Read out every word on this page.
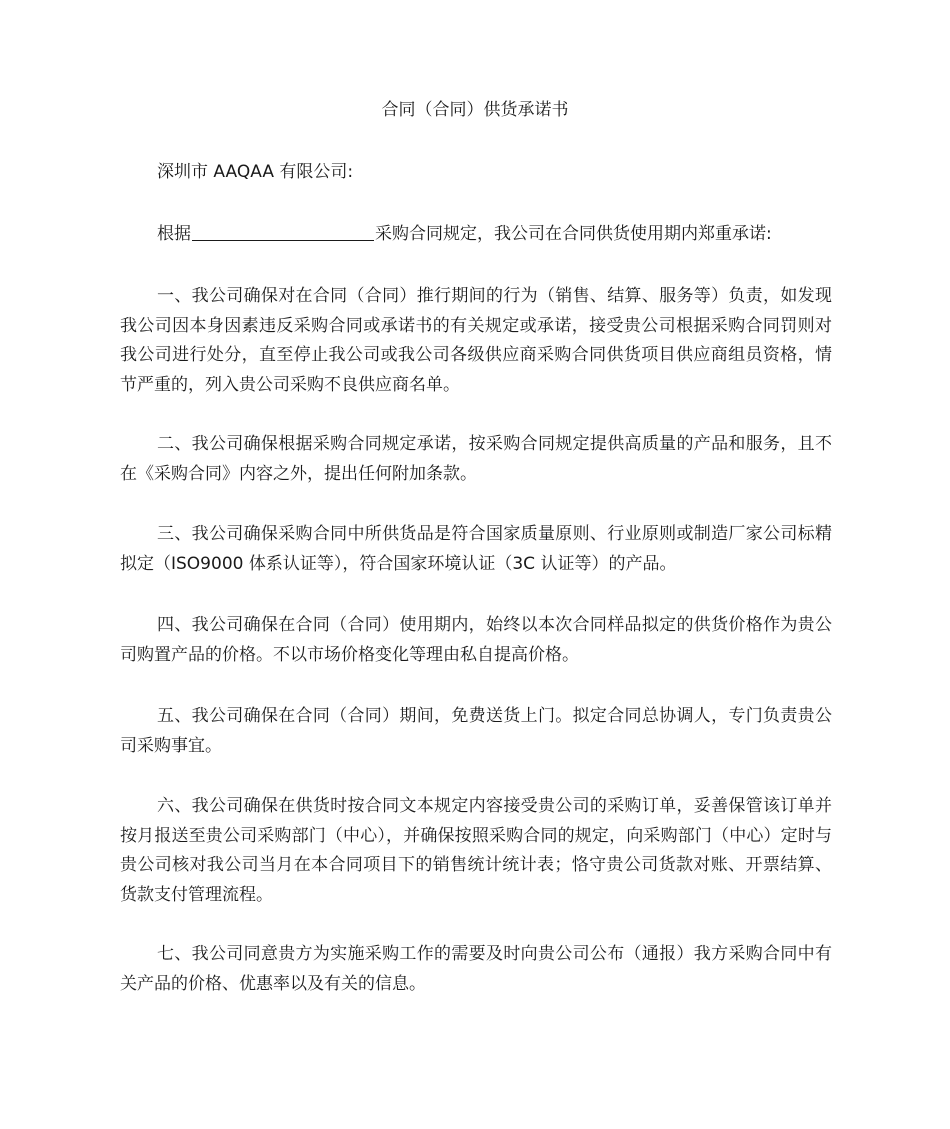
合同（合同）供货承诺书
深圳市 AAQAA 有限公司:
根据	采购合同规定，我公司在合同供货使用期内郑重承诺:

一、我公司确保对在合同（合同）推行期间的行为（销售、结算、服务等）负责，如发现我公司因本身因素违反采购合同或承诺书的有关规定或承诺，接受贵公司根据采购合同罚则对我公司进行处分，直至停止我公司或我公司各级供应商采购合同供货项目供应商组员资格，情节严重的，列入贵公司采购不良供应商名单。

二、我公司确保根据采购合同规定承诺，按采购合同规定提供高质量的产品和服务，且不在《采购合同》内容之外，提出任何附加条款。

三、我公司确保采购合同中所供货品是符合国家质量原则、行业原则或制造厂家公司标精拟定（ISO9000 体系认证等），符合国家环境认证（3C 认证等）的产品。

四、我公司确保在合同（合同）使用期内，始终以本次合同样品拟定的供货价格作为贵公司购置产品的价格。不以市场价格变化等理由私自提高价格。

五、我公司确保在合同（合同）期间，免费送货上门。拟定合同总协调人，专门负责贵公司采购事宜。

六、我公司确保在供货时按合同文本规定内容接受贵公司的采购订单，妥善保管该订单并按月报送至贵公司采购部门（中心），并确保按照采购合同的规定，向采购部门（中心）定时与贵公司核对我公司当月在本合同项目下的销售统计统计表；恪守贵公司货款对账、开票结算、货款支付管理流程。

七、我公司同意贵方为实施采购工作的需要及时向贵公司公布（通报）我方采购合同中有关产品的价格、优惠率以及有关的信息。
